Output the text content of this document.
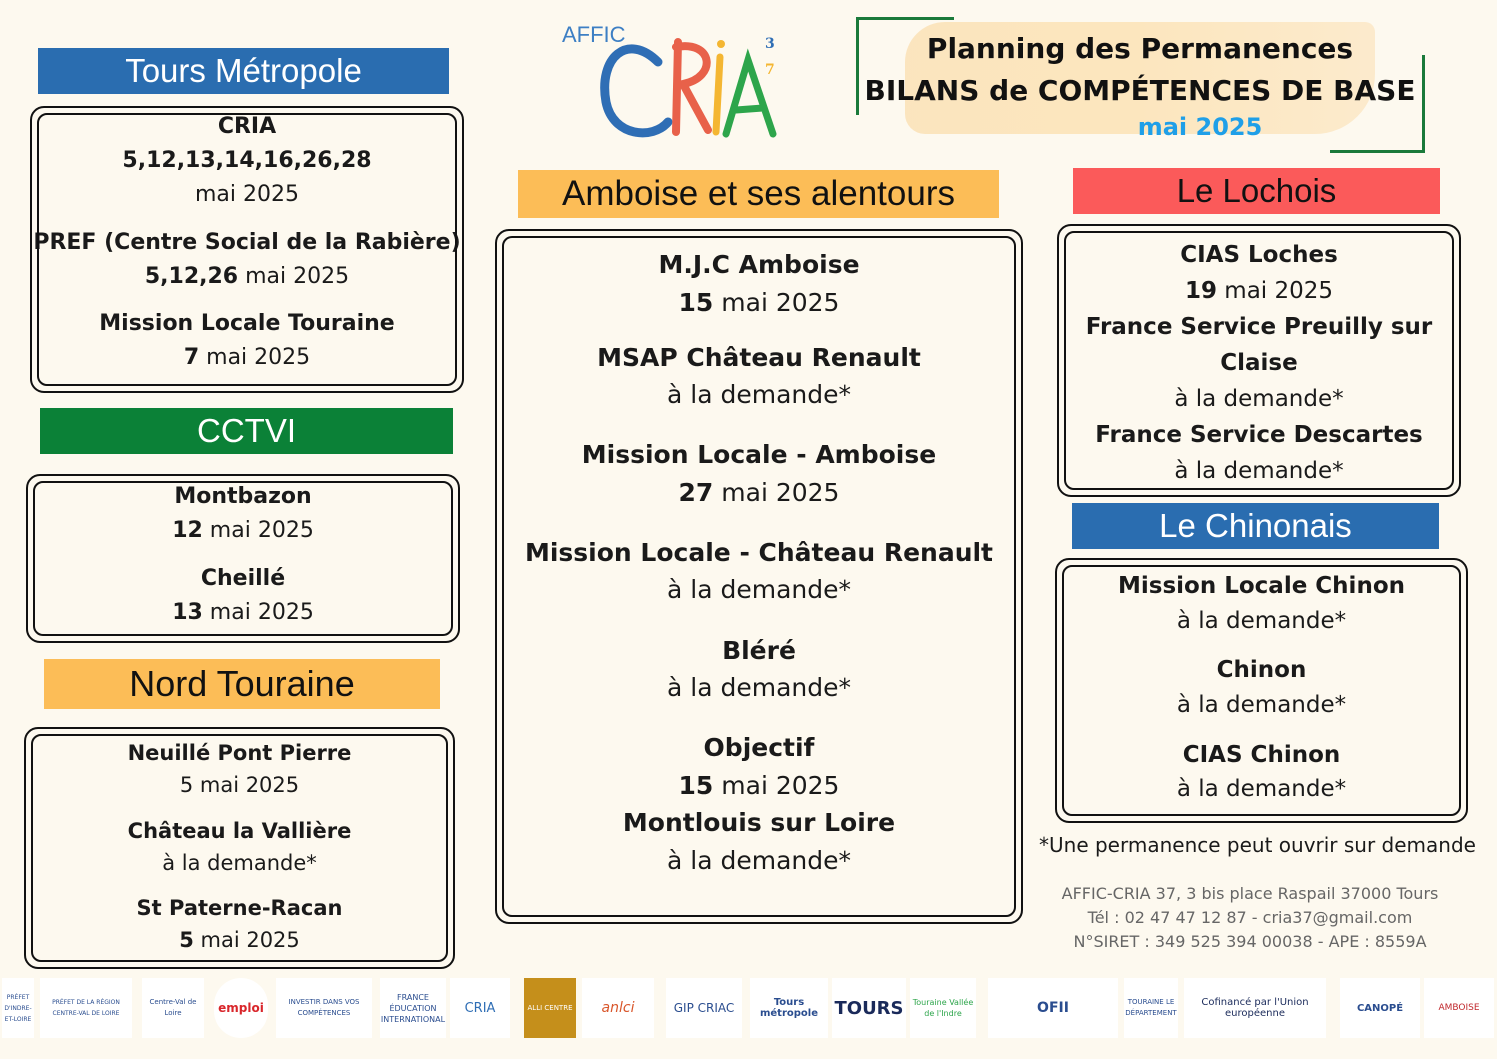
AFFIC	3
7
Planning des Permanences
BILANS de COMPÉTENCES DE BASE
mai 2025
Tours Métropole
CRIA
5,12,13,14,16,26,28
mai 2025
PREF (Centre Social de la Rabière)
5,12,26 mai 2025
Mission Locale Touraine
7 mai 2025
CCTVI
Montbazon
12 mai 2025
Cheillé
13 mai 2025
Nord Touraine
Neuillé Pont Pierre
5 mai 2025
Château la Vallière
à la demande*
St Paterne-Racan
5 mai 2025
Amboise et ses alentours
M.J.C Amboise
15 mai 2025
MSAP Château Renault
à la demande*
Mission Locale - Amboise
27 mai 2025
Mission Locale - Château Renault
à la demande*
Bléré
à la demande*
Objectif
15 mai 2025
Montlouis sur Loire
à la demande*
Le Lochois
CIAS Loches
19 mai 2025
France Service Preuilly sur
Claise
à la demande*
France Service Descartes
à la demande*
Le Chinonais
Mission Locale Chinon
à la demande*
Chinon
à la demande*
CIAS Chinon
à la demande*
*Une permanence peut ouvrir sur demande
AFFIC-CRIA 37, 3 bis place Raspail 37000 Tours
Tél : 02 47 47 12 87 - cria37@gmail.com
N°SIRET : 349 525 394 00038 - APE : 8559A
PRÉFET D'INDRE-ET-LOIRE
PRÉFET DE LA RÉGION CENTRE-VAL DE LOIRE
Centre-Val de Loire	emploi	INVESTIR DANS VOS COMPÉTENCES
FRANCE ÉDUCATION INTERNATIONAL
CRIA	ALLI CENTRE	anlci	GIP CRIAC	Tours métropole TOURS	Touraine Vallée de l'Indre	OFII	TOURAINE LE DÉPARTEMENT
Cofinancé par l'Union européenne	CANOPÉ	AMBOISE
